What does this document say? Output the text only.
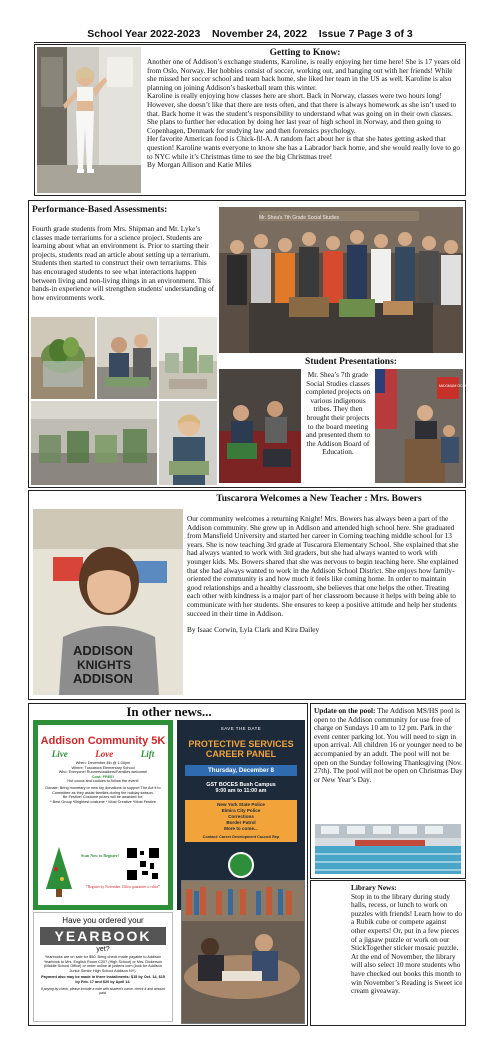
School Year 2022-2023 November 24, 2022 Issue 7 Page 3 of 3
Getting to Know:
Another one of Addison’s exchange students, Karoline, is really enjoying her time here! She is 17 years old from Oslo, Norway. Her hobbies consist of soccer, working out, and hanging out with her friends! While she missed her soccer school and team back home, she liked her team in the US as well. Karoline is also planning on joining Addison’s basketball team this winter.
Karoline is really enjoying how classes here are short. Back in Norway, classes were two hours long! However, she doesn’t like that there are tests often, and that there is always homework as she isn’t used to that. Back home it was the student’s responsibility to understand what was going on in their own classes. She plans to further her education by doing her last year of high school in Norway, and then going to Copenhagen, Denmark for studying law and then forensics psychology.
Her favorite American food is Chick-fil-A. A random fact about her is that she hates getting asked that question! Karoline wants everyone to know she has a Labrador back home, and she would really love to go to NYC while it’s Christmas time to see the big Christmas tree!
By Morgan Allison and Katie Miles
Performance-Based Assessments:
Fourth grade students from Mrs. Shipman and Mr. Lyke’s classes made terrariums for a science project. Students are learning about what an environment is. Prior to starting their projects, students read an article about setting up a terrarium. Students then started to construct their own terrariums. This has encouraged students to see what interactions happen between living and non-living things in an environment. This hands-in experience will strengthen students' understanding of how environments work.
Mr. Shea's 7th Grade Social Studies
Student Presentations:
Mr. Shea’s 7th grade Social Studies classes completed projects on various indigenous tribes. They then brought their projects to the board meeting and presented them to the Addison Board of Education.
MAXIMUM OCCUPANCY
Tuscarora Welcomes a New Teacher : Mrs. Bowers
ADDISON
KNIGHTS
ADDISON
Our community welcomes a returning Knight! Mrs. Bowers has always been a part of the Addison community. She grew up in Addison and attended high school here. She graduated from Mansfield University and started her career in Corning teaching middle school for 13 years. She is now teaching 3rd grade at Tuscarora Elementary School. She explained that she had always wanted to work with 3rd graders, but she had always wanted to work with younger kids. Ms. Bowers shared that she was nervous to begin teaching here. She explained that she had always wanted to work in the Addison School District. She enjoys how family-oriented the community is and how much it feels like coming home. In order to maintain good relationships and a healthy classroom, she believes that one helps the other. Treating each other with kindness is a major part of her classroom because it helps with being able to communicate with her students. She ensures to keep a positive attitude and help her students succeed in their time in Addison.
By Isaac Corwin, Lyla Clark and Kira Dailey
In other news...
Addison Community 5K
Live	Love	Lift
When: December 4th @ 1:00pm
Where: Tuscarora Elementary School
Who: Everyone! Runners/walkers/Families welcome!
Cost: FREE!
Hot cocoa and cookies to follow the event!
Donate: Bring monetary or new toy donations to support The Act it to Committee as they assist families during the holiday season.
Be Festive! Costume prizes will be awarded for:
* Best Group *Brightest costume * Most Creative *Most Festive
Scan Now to Register!
*Register by November 13th to guarantee a t-shirt*
SAVE THE DATE
PROTECTIVE SERVICES CAREER PANEL
Thursday, December 8
GST BOCES Bush Campus
9:00 am to 11:00 am
New York State Police
Elmira City Police
Corrections
Border Patrol
More to come...
Contact: Career Development Council Rep
Have you ordered your
YEARBOOK
yet?
Yearbooks are on sale for $50. Bring check made payable to Addison Yearbook to Mrs. English Room C207 (High School) or Mrs. Dickerson (Middle School Office) or order online at jostens.com (look for Addison Junior Senior High School Addison NY).
Payment also may be made in three installments: $15 by Oct. 14, $15 by Feb. 17 and $20 by April 14.
If paying by check, please include a note with student's name, check # and amount paid.
Update on the pool: The Addison MS/HS pool is open to the Addison community for use free of charge on Sundays 10 am to 12 pm. Park in the event center parking lot. You will need to sign in upon arrival. All children 16 or younger need to be accompanied by an adult. The pool will not be open on the Sunday following Thanksgiving (Nov. 27th). The pool will not be open on Christmas Day or New Year’s Day.
Library News:
Stop in to the library during study halls, recess, or lunch to work on puzzles with friends! Learn how to do a Rubik cube or compete against other experts! Or, put in a few pieces of a jigsaw puzzle or work on our StickTogether sticker mosaic puzzle. At the end of November, the library will also select 10 more students who have checked out books this month to win November’s Reading is Sweet ice cream giveaway.
